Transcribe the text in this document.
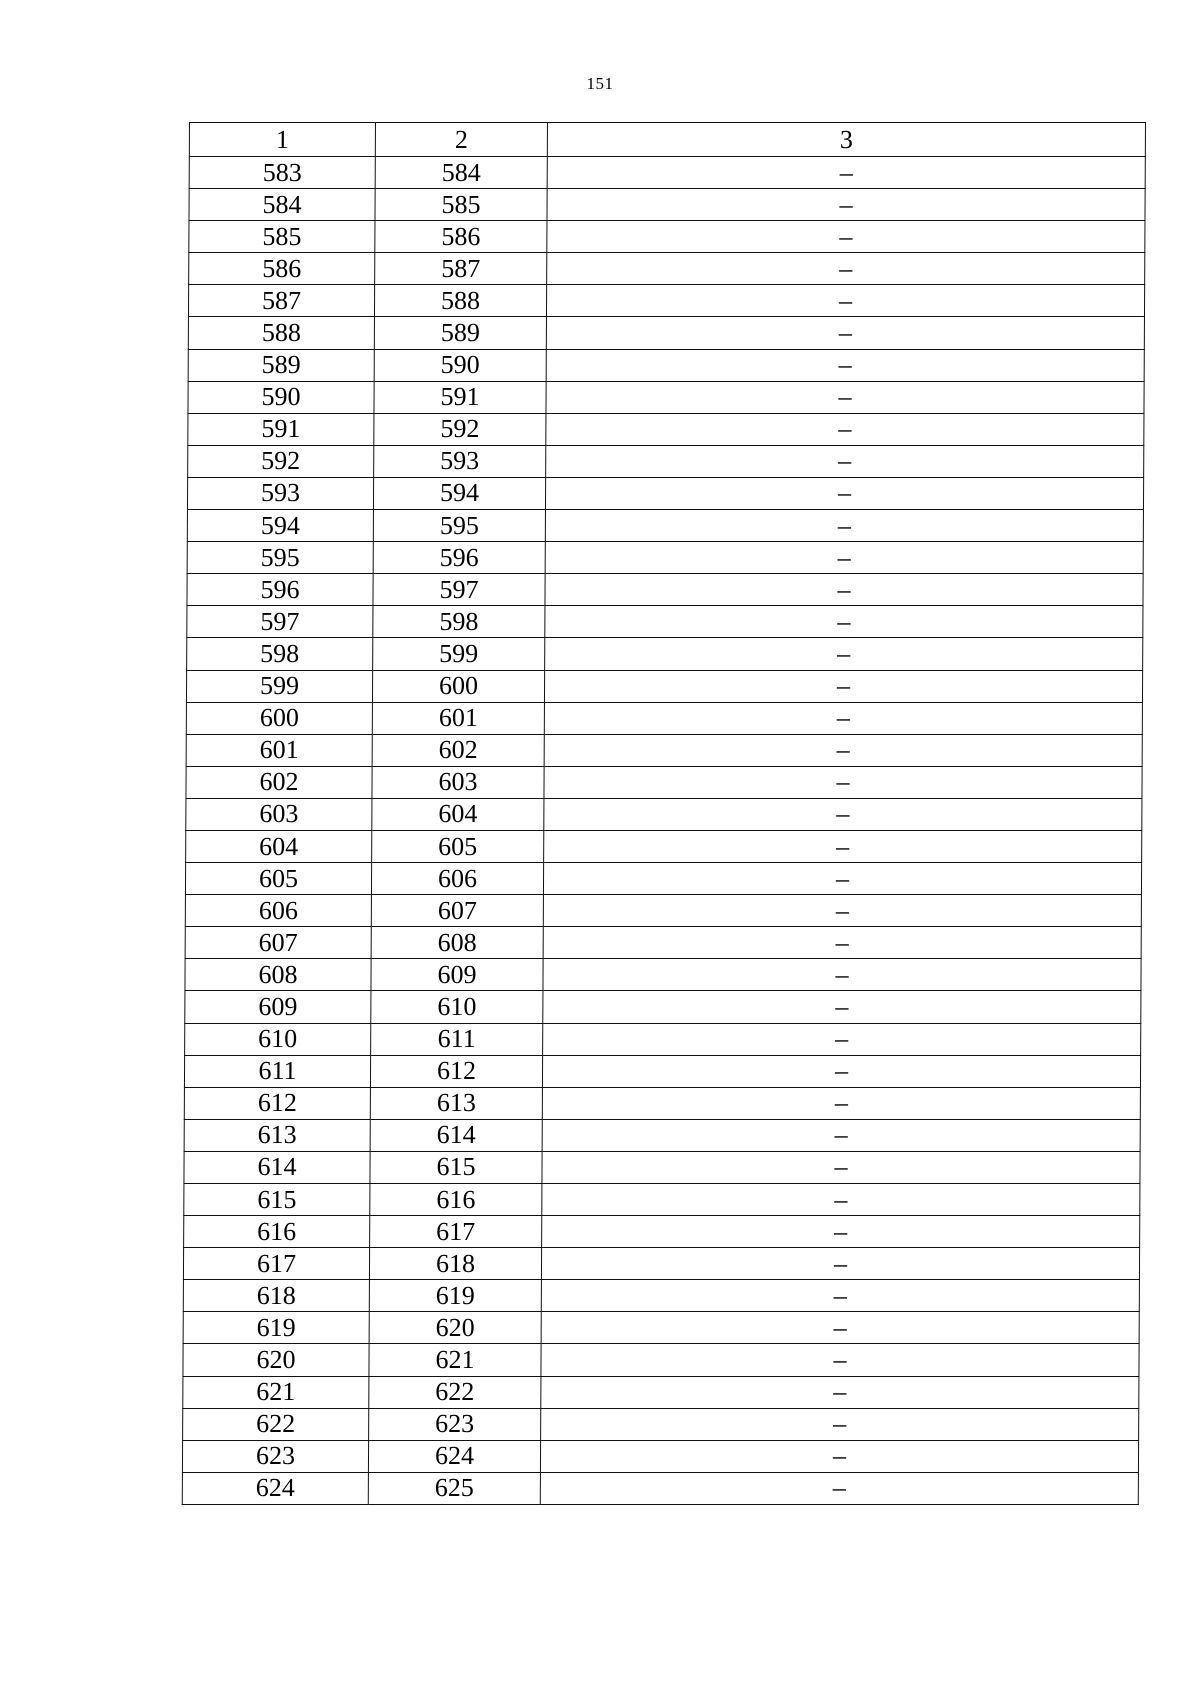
151
1	2	3
583	584	–
584	585	–
585	586	–
586	587	–
587	588	–
588	589	–
589	590	–
590	591	–
591	592	–
592	593	–
593	594	–
594	595	–
595	596	–
596	597	–
597	598	–
598	599	–
599	600	–
600	601	–
601	602	–
602	603	–
603	604	–
604	605	–
605	606	–
606	607	–
607	608	–
608	609	–
609	610	–
610	611	–
611	612	–
612	613	–
613	614	–
614	615	–
615	616	–
616	617	–
617	618	–
618	619	–
619	620	–
620	621	–
621	622	–
622	623	–
623	624	–
624	625	–
